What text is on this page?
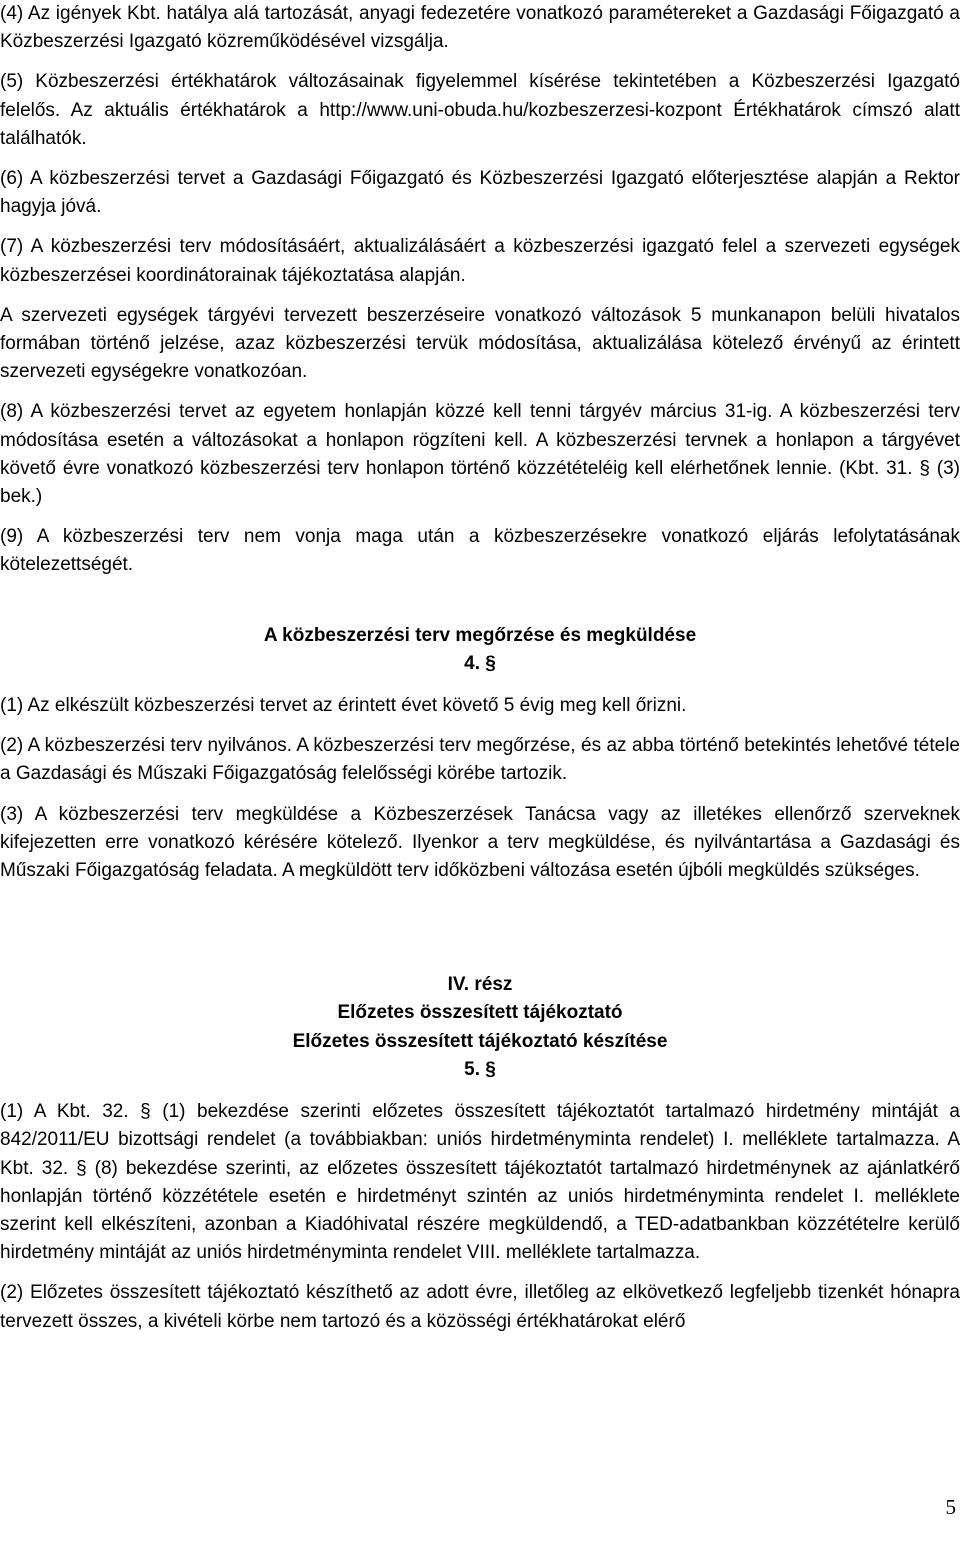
(4) Az igények Kbt. hatálya alá tartozását, anyagi fedezetére vonatkozó paramétereket a Gazdasági Főigazgató a Közbeszerzési Igazgató közreműködésével vizsgálja.

(5) Közbeszerzési értékhatárok változásainak figyelemmel kísérése tekintetében a Közbeszerzési Igazgató felelős. Az aktuális értékhatárok a http://www.uni-obuda.hu/kozbeszerzesi-kozpont Értékhatárok címszó alatt találhatók.

(6) A közbeszerzési tervet a Gazdasági Főigazgató és Közbeszerzési Igazgató előterjesztése alapján a Rektor hagyja jóvá.

(7) A közbeszerzési terv módosításáért, aktualizálásáért a közbeszerzési igazgató felel a szervezeti egységek közbeszerzései koordinátorainak tájékoztatása alapján.

A szervezeti egységek tárgyévi tervezett beszerzéseire vonatkozó változások 5 munkanapon belüli hivatalos formában történő jelzése, azaz közbeszerzési tervük módosítása, aktualizálása kötelező érvényű az érintett szervezeti egységekre vonatkozóan.

(8) A közbeszerzési tervet az egyetem honlapján közzé kell tenni tárgyév március 31-ig. A közbeszerzési terv módosítása esetén a változásokat a honlapon rögzíteni kell. A közbeszerzési tervnek a honlapon a tárgyévet követő évre vonatkozó közbeszerzési terv honlapon történő közzétételéig kell elérhetőnek lennie. (Kbt. 31. § (3) bek.)

(9) A közbeszerzési terv nem vonja maga után a közbeszerzésekre vonatkozó eljárás lefolytatásának kötelezettségét.

A közbeszerzési terv megőrzése és megküldése
4. §

(1) Az elkészült közbeszerzési tervet az érintett évet követő 5 évig meg kell őrizni.

(2) A közbeszerzési terv nyilvános. A közbeszerzési terv megőrzése, és az abba történő betekintés lehetővé tétele a Gazdasági és Műszaki Főigazgatóság felelősségi körébe tartozik.

(3) A közbeszerzési terv megküldése a Közbeszerzések Tanácsa vagy az illetékes ellenőrző szerveknek kifejezetten erre vonatkozó kérésére kötelező. Ilyenkor a terv megküldése, és nyilvántartása a Gazdasági és Műszaki Főigazgatóság feladata. A megküldött terv időközbeni változása esetén újbóli megküldés szükséges.

IV. rész
Előzetes összesített tájékoztató
Előzetes összesített tájékoztató készítése
5. §

(1) A Kbt. 32. § (1) bekezdése szerinti előzetes összesített tájékoztatót tartalmazó hirdetmény mintáját a 842/2011/EU bizottsági rendelet (a továbbiakban: uniós hirdetményminta rendelet) I. melléklete tartalmazza. A Kbt. 32. § (8) bekezdése szerinti, az előzetes összesített tájékoztatót tartalmazó hirdetménynek az ajánlatkérő honlapján történő közzététele esetén e hirdetményt szintén az uniós hirdetményminta rendelet I. melléklete szerint kell elkészíteni, azonban a Kiadóhivatal részére megküldendő, a TED-adatbankban közzétételre kerülő hirdetmény mintáját az uniós hirdetményminta rendelet VIII. melléklete tartalmazza.

(2) Előzetes összesített tájékoztató készíthető az adott évre, illetőleg az elkövetkező legfeljebb tizenkét hónapra tervezett összes, a kivételi körbe nem tartozó és a közösségi értékhatárokat elérő

5
